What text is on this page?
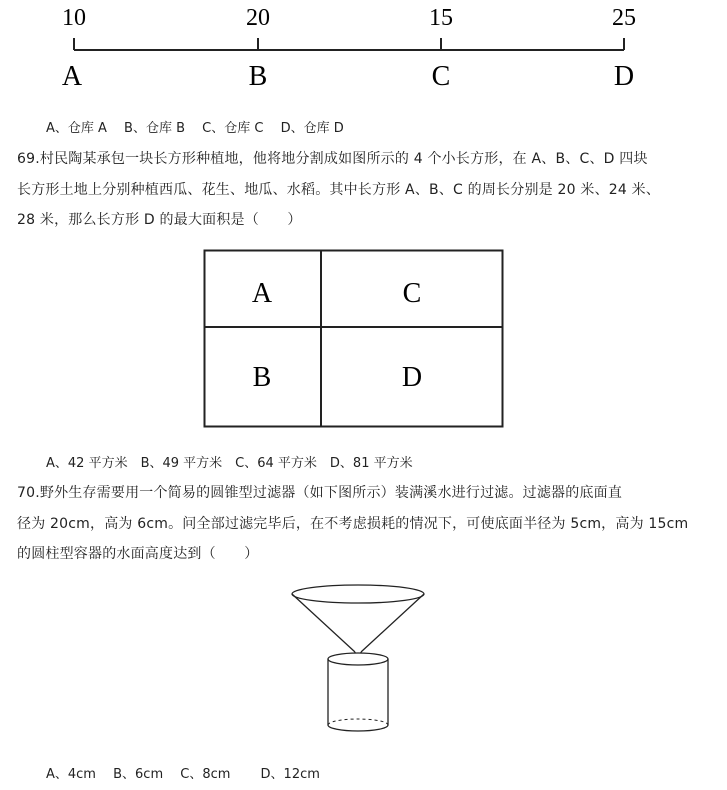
10	20	15	25
A	B	C	D
A、仓库 A　 B、仓库 B　 C、仓库 C　 D、仓库 D
69.村民陶某承包一块长方形种植地，他将地分割成如图所示的 4 个小长方形，在 A、B、C、D 四块
长方形土地上分别种植西瓜、花生、地瓜、水稻。其中长方形 A、B、C 的周长分别是 20 米、24 米、
28 米，那么长方形 D 的最大面积是（　　）
A	C
B	D
A、42 平方米　B、49 平方米　C、64 平方米　D、81 平方米
70.野外生存需要用一个简易的圆锥型过滤器（如下图所示）装满溪水进行过滤。过滤器的底面直
径为 20cm，高为 6cm。问全部过滤完毕后，在不考虑损耗的情况下，可使底面半径为 5cm，高为 15cm
的圆柱型容器的水面高度达到（　　）
A、4cm　 B、6cm　 C、8cm　　 D、12cm
